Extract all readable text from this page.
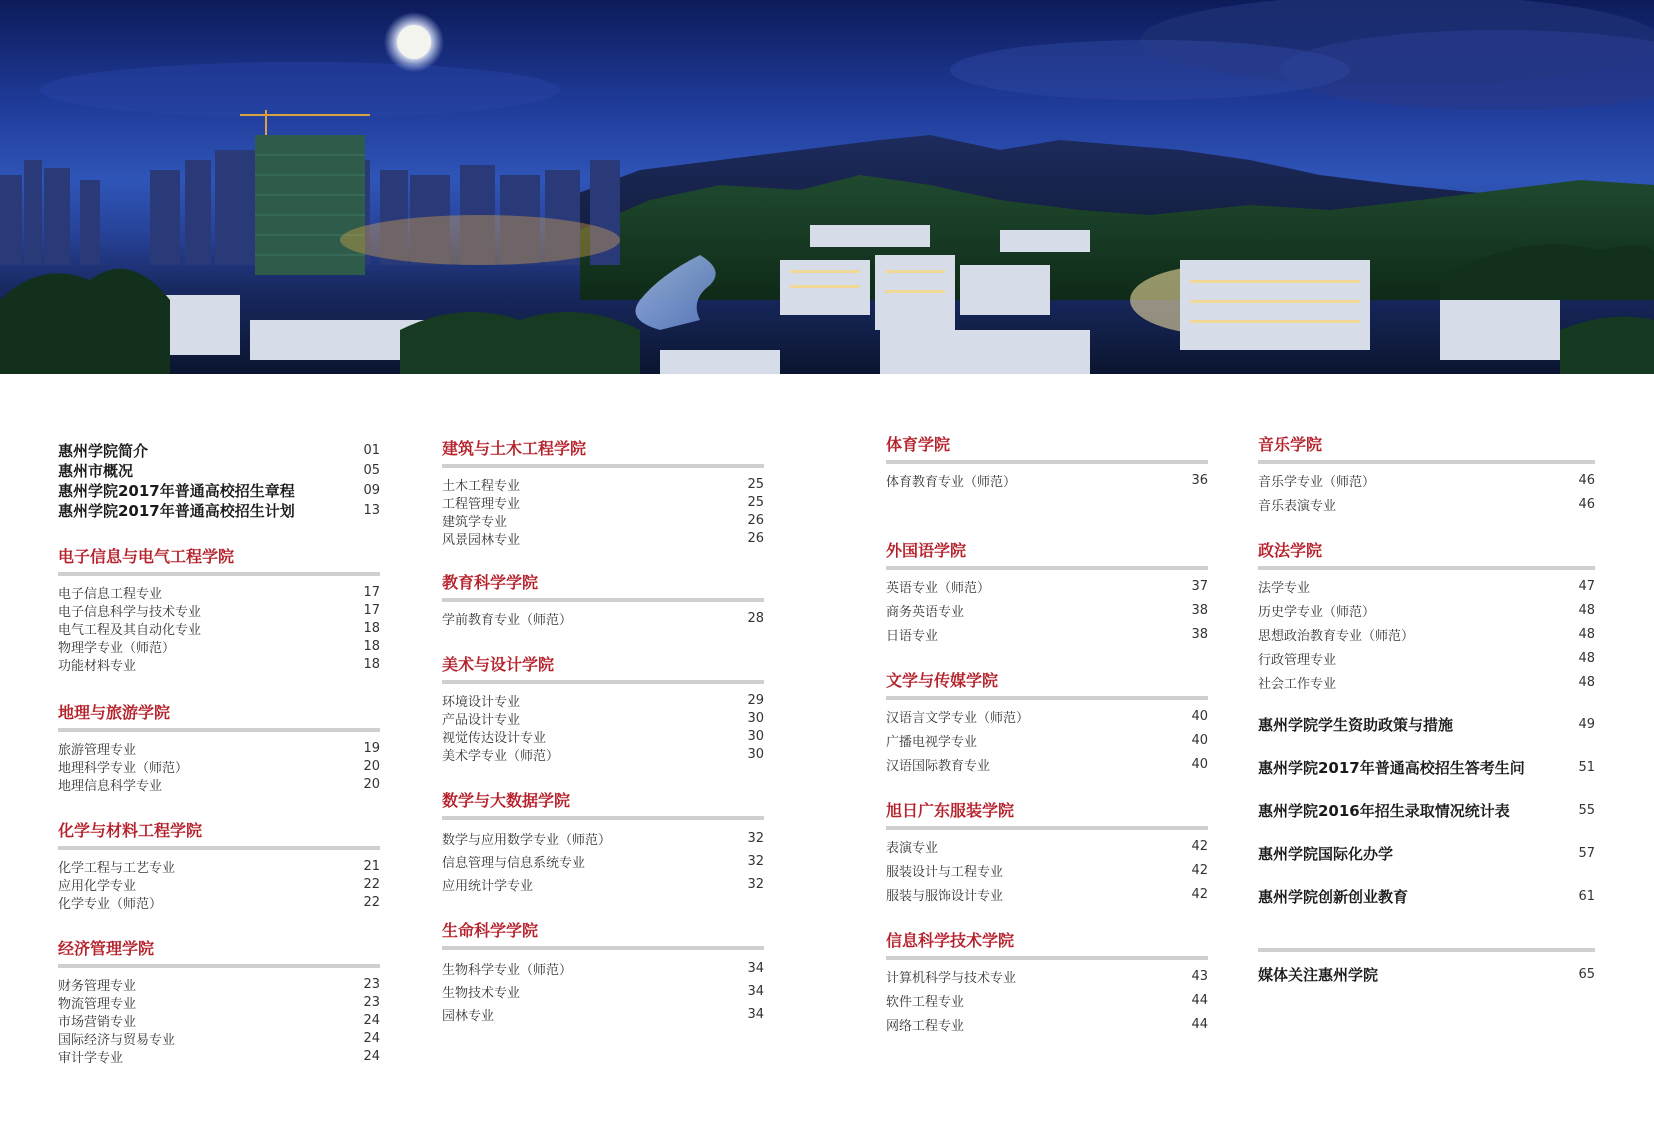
惠州学院简介	01
惠州市概况	05
惠州学院2017年普通高校招生章程	09
惠州学院2017年普通高校招生计划	13
电子信息与电气工程学院
电子信息工程专业	17
电子信息科学与技术专业	17
电气工程及其自动化专业	18
物理学专业（师范）	18
功能材料专业	18
地理与旅游学院
旅游管理专业	19
地理科学专业（师范）	20
地理信息科学专业	20
化学与材料工程学院
化学工程与工艺专业	21
应用化学专业	22
化学专业（师范）	22
经济管理学院
财务管理专业	23
物流管理专业	23
市场营销专业	24
国际经济与贸易专业	24
审计学专业	24
建筑与土木工程学院
土木工程专业	25
工程管理专业	25
建筑学专业	26
风景园林专业	26
教育科学学院
学前教育专业（师范）	28
美术与设计学院
环境设计专业	29
产品设计专业	30
视觉传达设计专业	30
美术学专业（师范）	30
数学与大数据学院
数学与应用数学专业（师范）	32
信息管理与信息系统专业	32
应用统计学专业	32
生命科学学院
生物科学专业（师范）	34
生物技术专业	34
园林专业	34
体育学院
体育教育专业（师范）	36
外国语学院
英语专业（师范）	37
商务英语专业	38
日语专业	38
文学与传媒学院
汉语言文学专业（师范）	40
广播电视学专业	40
汉语国际教育专业	40
旭日广东服装学院
表演专业	42
服装设计与工程专业	42
服装与服饰设计专业	42
信息科学技术学院
计算机科学与技术专业	43
软件工程专业	44
网络工程专业	44
音乐学院
音乐学专业（师范）	46
音乐表演专业	46
政法学院
法学专业	47
历史学专业（师范）	48
思想政治教育专业（师范）	48
行政管理专业	48
社会工作专业	48
惠州学院学生资助政策与措施	49
惠州学院2017年普通高校招生答考生问	51
惠州学院2016年招生录取情况统计表	55
惠州学院国际化办学	57
惠州学院创新创业教育	61
媒体关注惠州学院	65
